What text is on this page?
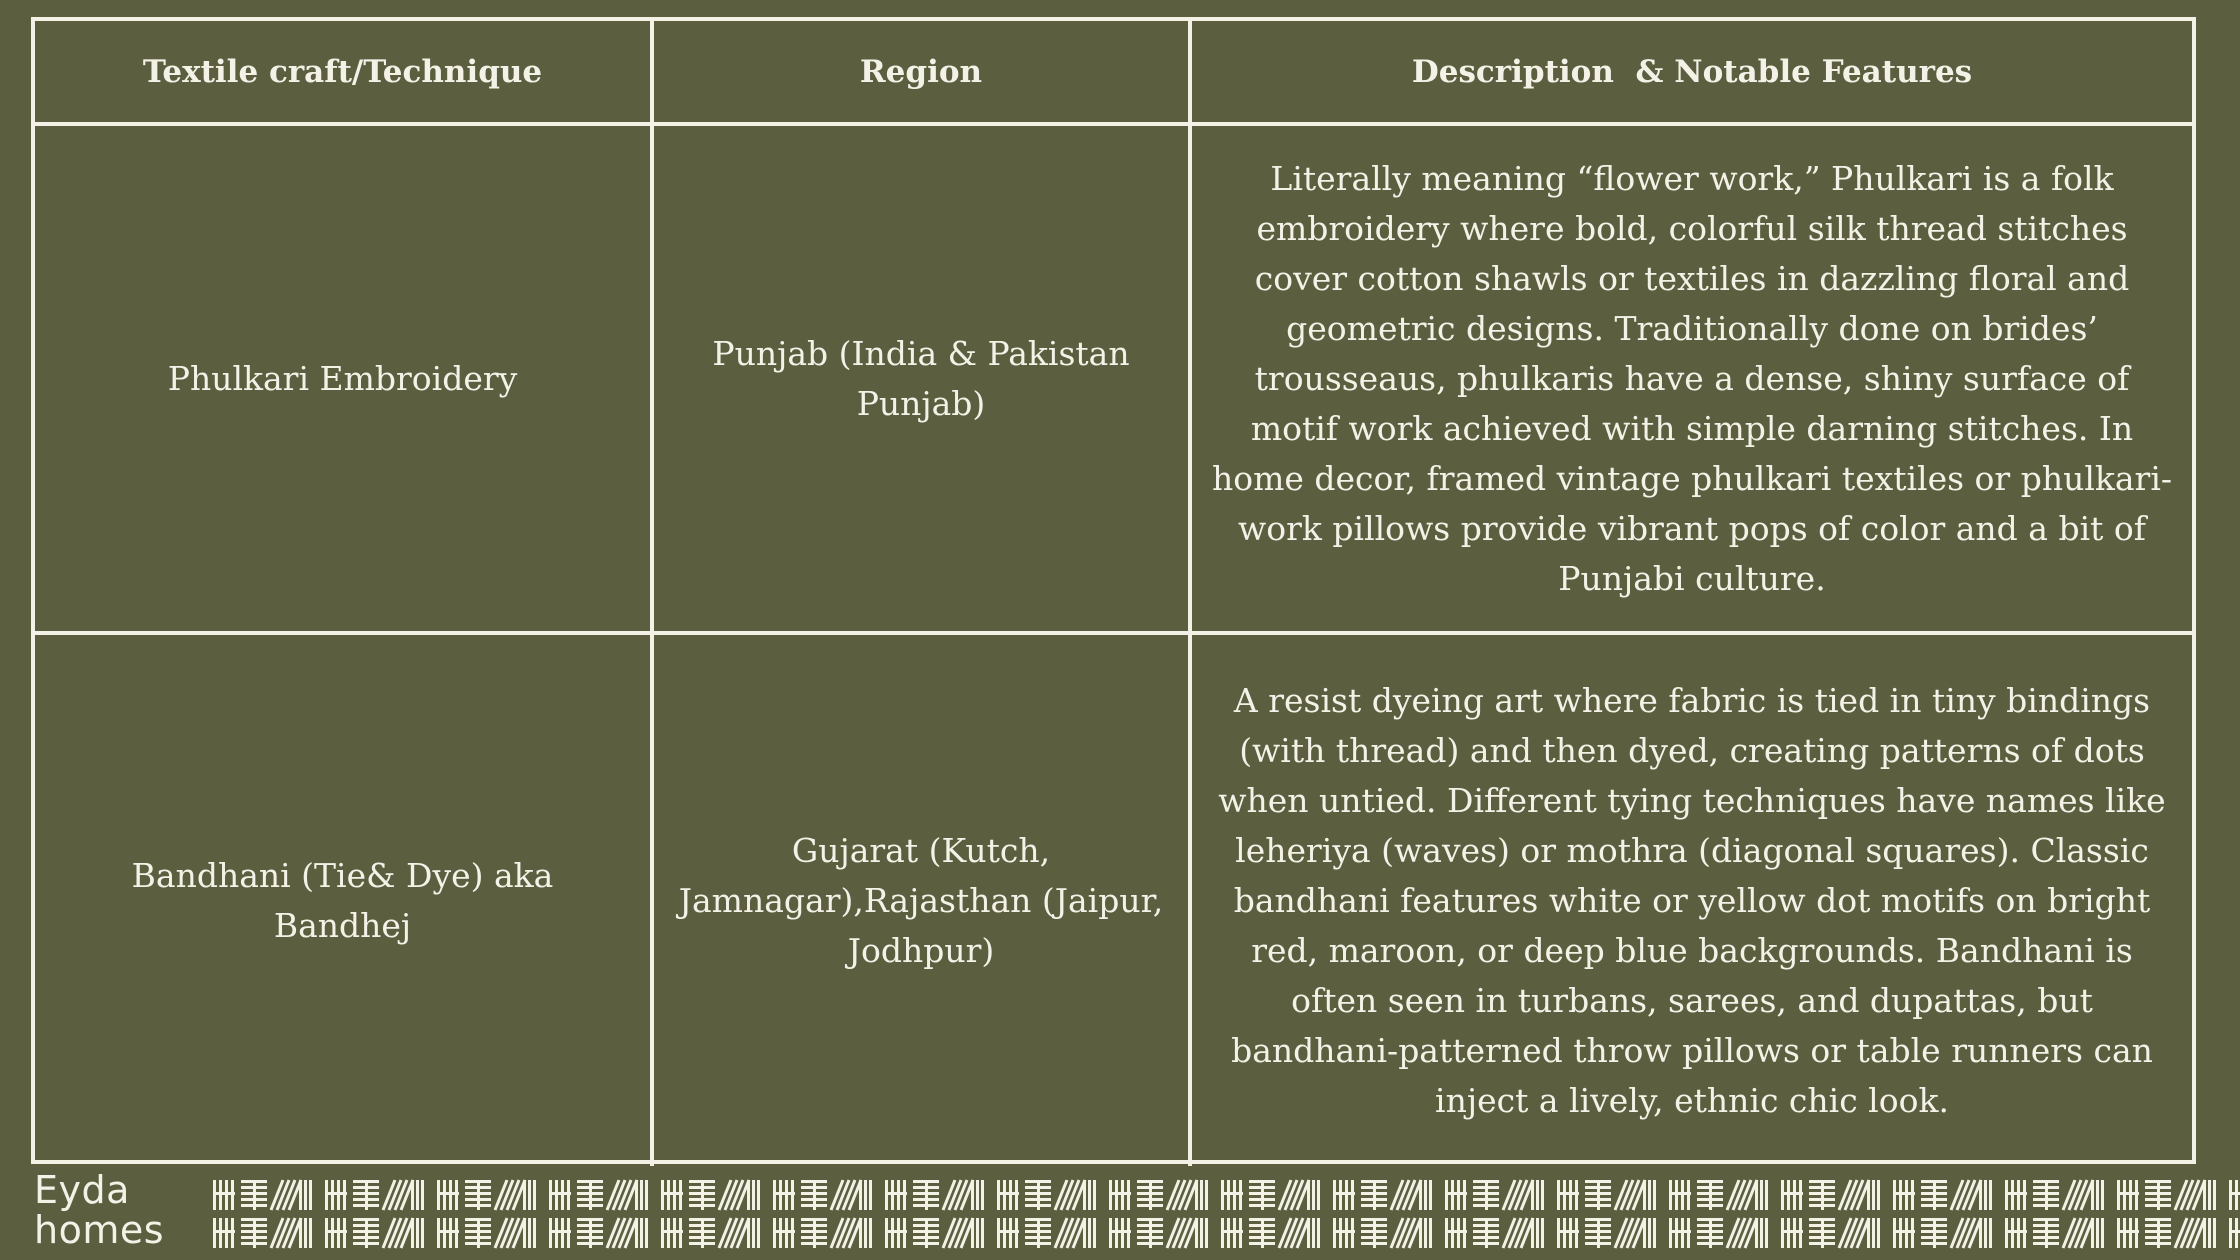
Textile craft/Technique	Region	Description  & Notable Features
Phulkari Embroidery	Punjab (India & Pakistan Punjab)	Literally meaning “flower work,” Phulkari is a folk embroidery where bold, colorful silk thread stitches cover cotton shawls or textiles in dazzling floral and geometric designs. Traditionally done on brides’ trousseaus, phulkaris have a dense, shiny surface of motif work achieved with simple darning stitches. In home decor, framed vintage phulkari textiles or phulkari-work pillows provide vibrant pops of color and a bit of Punjabi culture.
Bandhani (Tie& Dye) aka Bandhej	Gujarat (Kutch, Jamnagar),Rajasthan (Jaipur, Jodhpur)	A resist dyeing art where fabric is tied in tiny bindings (with thread) and then dyed, creating patterns of dots when untied. Different tying techniques have names like leheriya (waves) or mothra (diagonal squares). Classic bandhani features white or yellow dot motifs on bright red, maroon, or deep blue backgrounds. Bandhani is often seen in turbans, sarees, and dupattas, but bandhani-patterned throw pillows or table runners can inject a lively, ethnic chic look.
Eyda
homes
